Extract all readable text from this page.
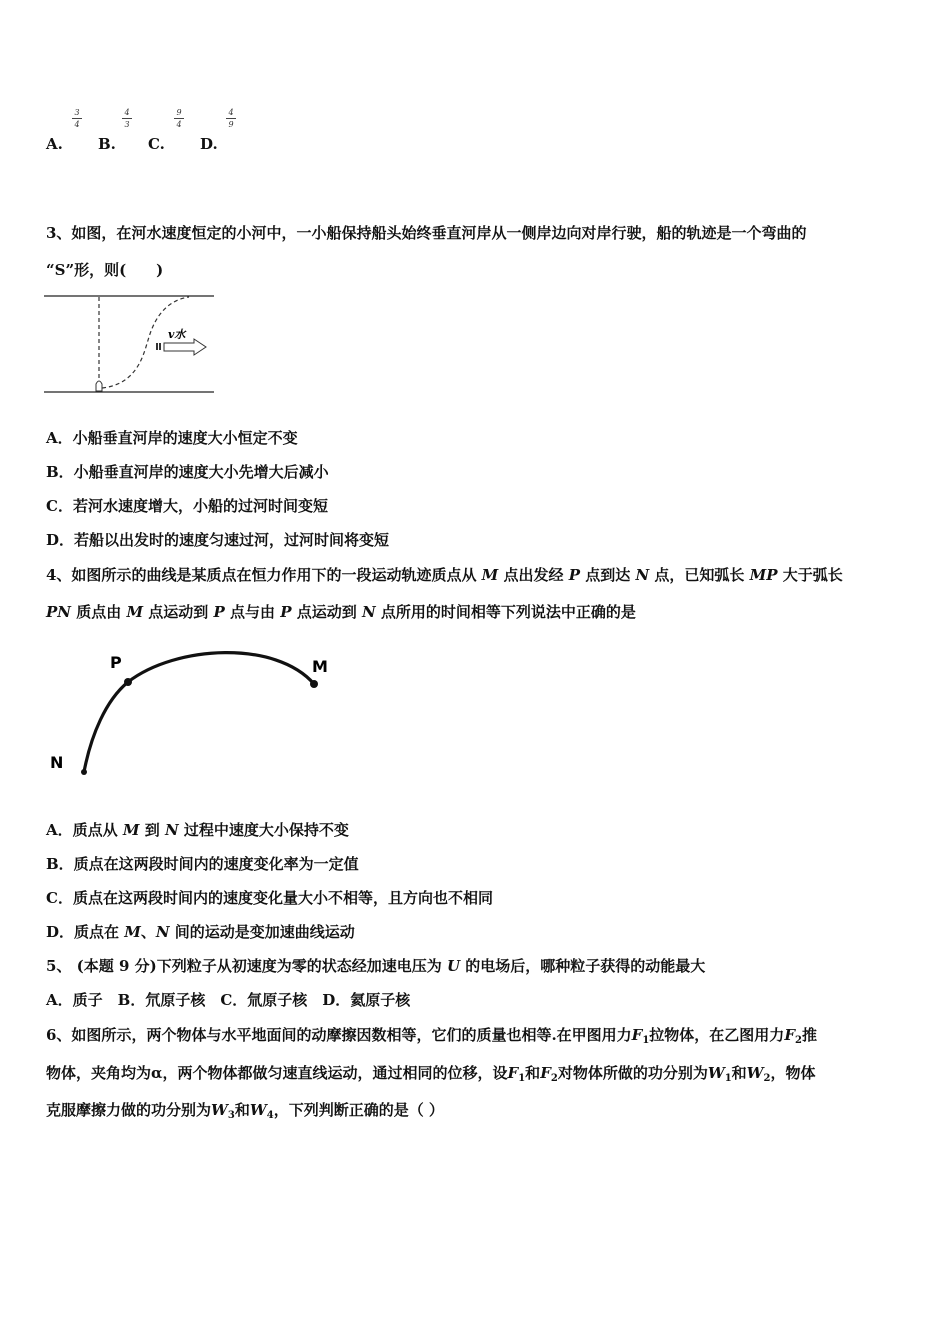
A.
3
4
B.
4
3
C.
9
4
D.
4
9
3、如图，在河水速度恒定的小河中，一小船保持船头始终垂直河岸从一侧岸边向对岸行驶，船的轨迹是一个弯曲的
“S”形，则(　　)
v水
A．小船垂直河岸的速度大小恒定不变
B．小船垂直河岸的速度大小先增大后减小
C．若河水速度增大，小船的过河时间变短
D．若船以出发时的速度匀速过河，过河时间将变短
4、如图所示的曲线是某质点在恒力作用下的一段运动轨迹质点从 M 点出发经 P 点到达 N 点，已知弧长 MP 大于弧长
PN 质点由 M 点运动到 P 点与由 P 点运动到 N 点所用的时间相等下列说法中正确的是
P	M
N
A．质点从 M 到 N 过程中速度大小保持不变
B．质点在这两段时间内的速度变化率为一定值
C．质点在这两段时间内的速度变化量大小不相等，且方向也不相同
D．质点在 M、N 间的运动是变加速曲线运动
5、 (本题 9 分)下列粒子从初速度为零的状态经加速电压为 U 的电场后，哪种粒子获得的动能最大
A．质子　B．氘原子核　C．氚原子核　D．氦原子核
6、如图所示，两个物体与水平地面间的动摩擦因数相等，它们的质量也相等.在甲图用力$F_1$拉物体，在乙图用力$F_2$推
物体，夹角均为α，两个物体都做匀速直线运动，通过相同的位移，设$F_1$和$F_2$对物体所做的功分别为$W_1$和$W_2$，物体
克服摩擦力做的功分别为$W_3$和$W_4$，下列判断正确的是（ ）
